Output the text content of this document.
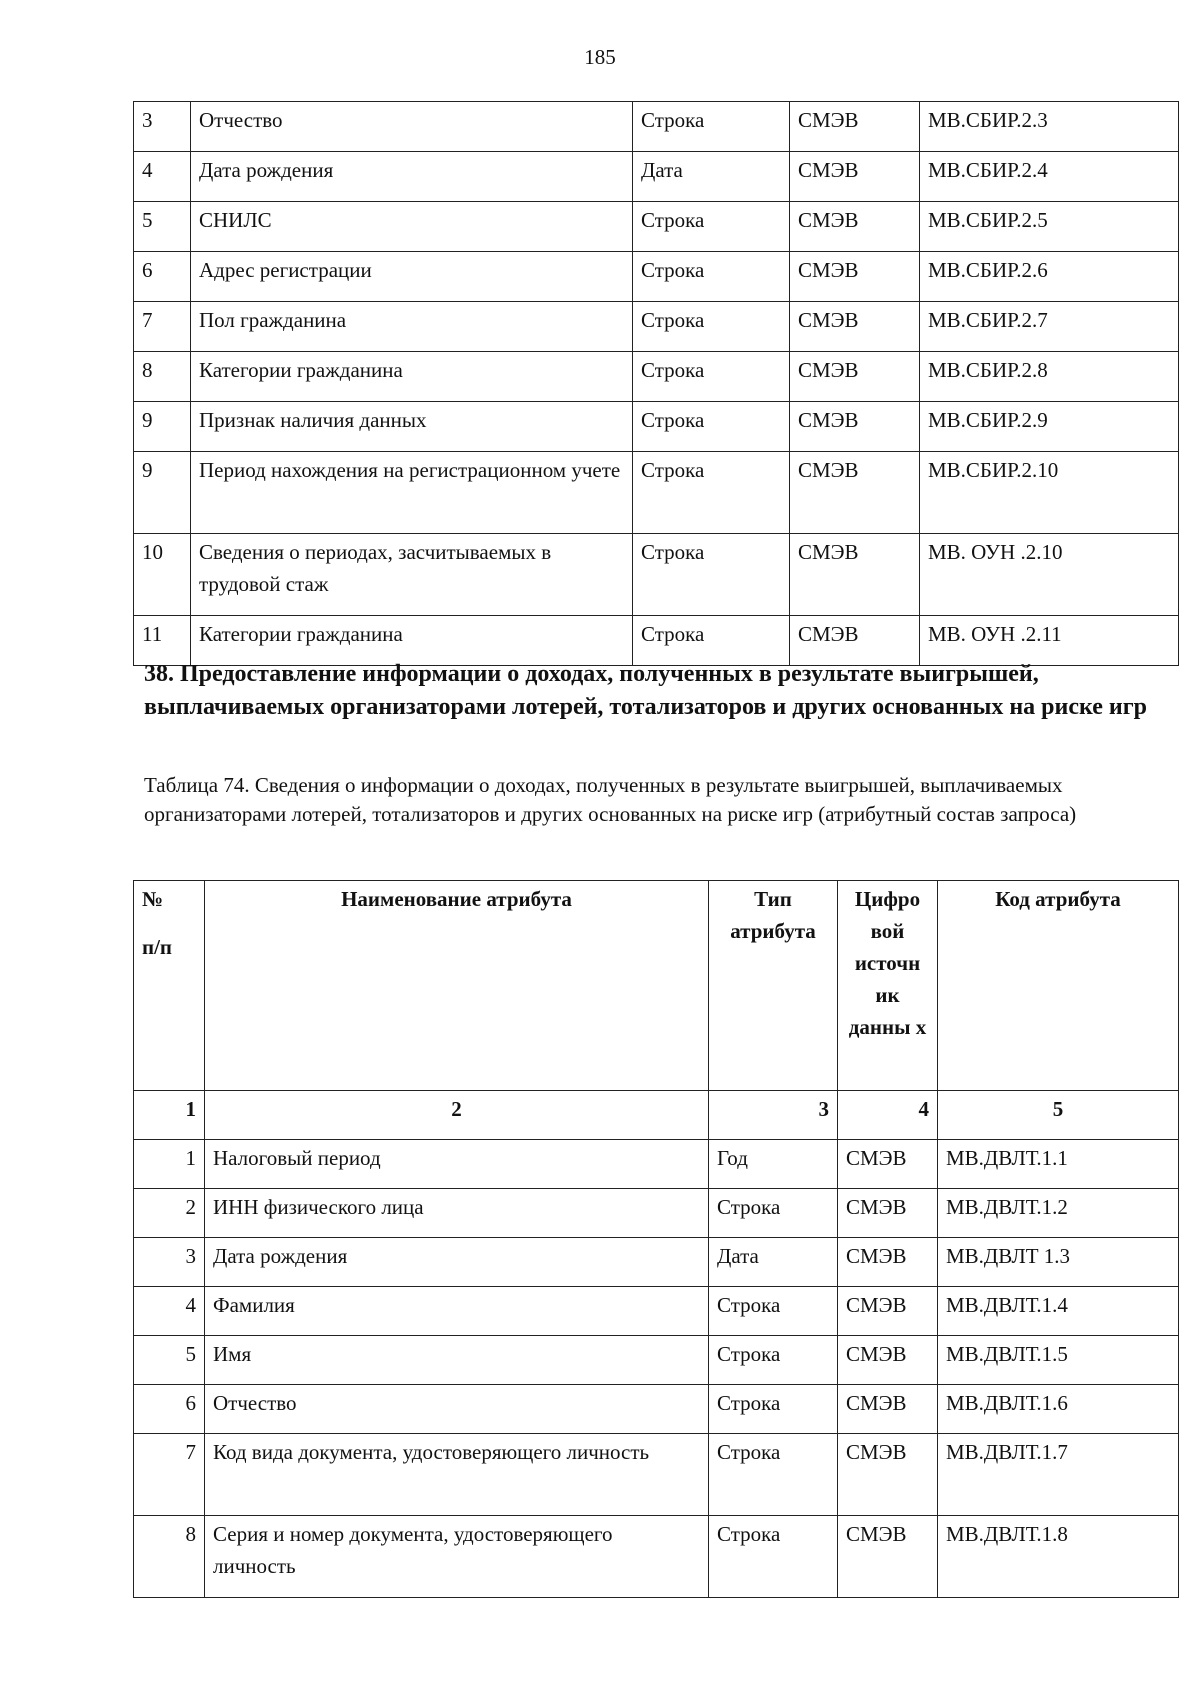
185
3	Отчество	Строка	СМЭВ	МВ.СБИР.2.3
4	Дата рождения	Дата	СМЭВ	МВ.СБИР.2.4
5	СНИЛС	Строка	СМЭВ	МВ.СБИР.2.5
6	Адрес регистрации	Строка	СМЭВ	МВ.СБИР.2.6
7	Пол гражданина	Строка	СМЭВ	МВ.СБИР.2.7
8	Категории гражданина	Строка	СМЭВ	МВ.СБИР.2.8
9	Признак наличия данных	Строка	СМЭВ	МВ.СБИР.2.9
9	Период нахождения на регистрационном учете	Строка	СМЭВ	МВ.СБИР.2.10
10	Сведения о периодах, засчитываемых в трудовой стаж	Строка	СМЭВ	МВ. ОУН .2.10
11	Категории гражданина	Строка	СМЭВ	МВ. ОУН .2.11

38. Предоставление информации о доходах, полученных в результате выигрышей, выплачиваемых организаторами лотерей, тотализаторов и других основанных на риске игр

Таблица 74. Сведения о информации о доходах, полученных в результате выигрышей, выплачиваемых организаторами лотерей, тотализаторов и других основанных на риске игр (атрибутный состав запроса)

№
п/п	Наименование атрибута	Тип атрибута	Цифро вой источн ик данны х	Код атрибута
1	2	3	4	5
1	Налоговый период	Год	СМЭВ	МВ.ДВЛТ.1.1
2	ИНН физического лица	Строка	СМЭВ	МВ.ДВЛТ.1.2
3	Дата рождения	Дата	СМЭВ	МВ.ДВЛТ 1.3
4	Фамилия	Строка	СМЭВ	МВ.ДВЛТ.1.4
5	Имя	Строка	СМЭВ	МВ.ДВЛТ.1.5
6	Отчество	Строка	СМЭВ	МВ.ДВЛТ.1.6
7	Код вида документа, удостоверяющего личность	Строка	СМЭВ	МВ.ДВЛТ.1.7
8	Серия и номер документа, удостоверяющего личность	Строка	СМЭВ	МВ.ДВЛТ.1.8
